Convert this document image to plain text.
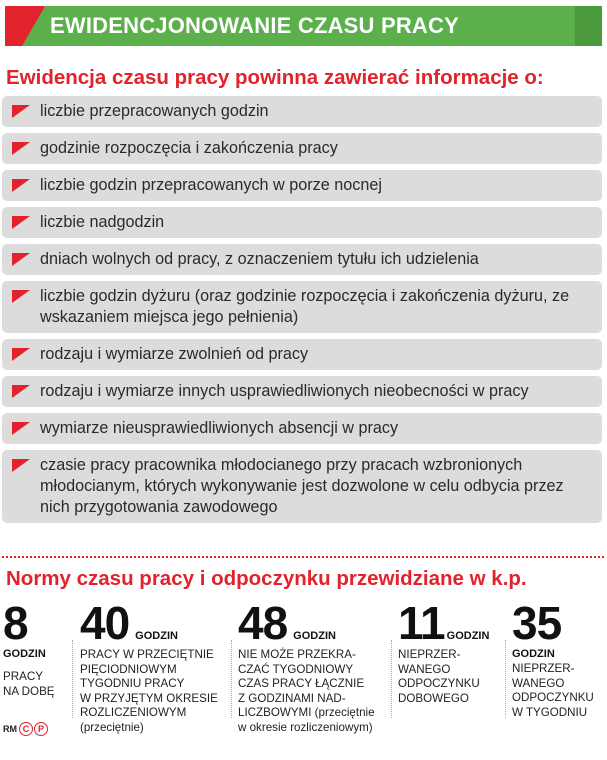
EWIDENCJONOWANIE CZASU PRACY
Ewidencja czasu pracy powinna zawierać informacje o:
liczbie przepracowanych godzin
godzinie rozpoczęcia i zakończenia pracy
liczbie godzin przepracowanych w porze nocnej
liczbie nadgodzin
dniach wolnych od pracy, z oznaczeniem tytułu ich udzielenia
liczbie godzin dyżuru (oraz godzinie rozpoczęcia i zakończenia dyżuru, ze wskazaniem miejsca jego pełnienia)
rodzaju i wymiarze zwolnień od pracy
rodzaju i wymiarze innych usprawiedliwionych nieobecności w pracy
wymiarze nieusprawiedliwionych absencji w pracy
czasie pracy pracownika młodocianego przy pracach wzbronionych młodocianym, których wykonywanie jest dozwolone w celu odbycia przez nich przygotowania zawodowego
Normy czasu pracy i odpoczynku przewidziane w k.p.
8
GODZIN
PRACY
NA DOBĘ
40 GODZIN
PRACY W PRZECIĘTNIE
PIĘCIODNIOWYM
TYGODNIU PRACY
W PRZYJĘTYM OKRESIE
ROZLICZENIOWYM
(przeciętnie)
48 GODZIN
NIE MOŻE PRZEKRA-
CZAĆ TYGODNIOWY
CZAS PRACY ŁĄCZNIE
Z GODZINAMI NAD-
LICZBOWYMI (przeciętnie
w okresie rozliczeniowym)
11 GODZIN
NIEPRZER-
WANEGO
ODPOCZYNKU
DOBOWEGO
35
GODZIN
NIEPRZER-
WANEGO
ODPOCZYNKU
W TYGODNIU
RM C P
